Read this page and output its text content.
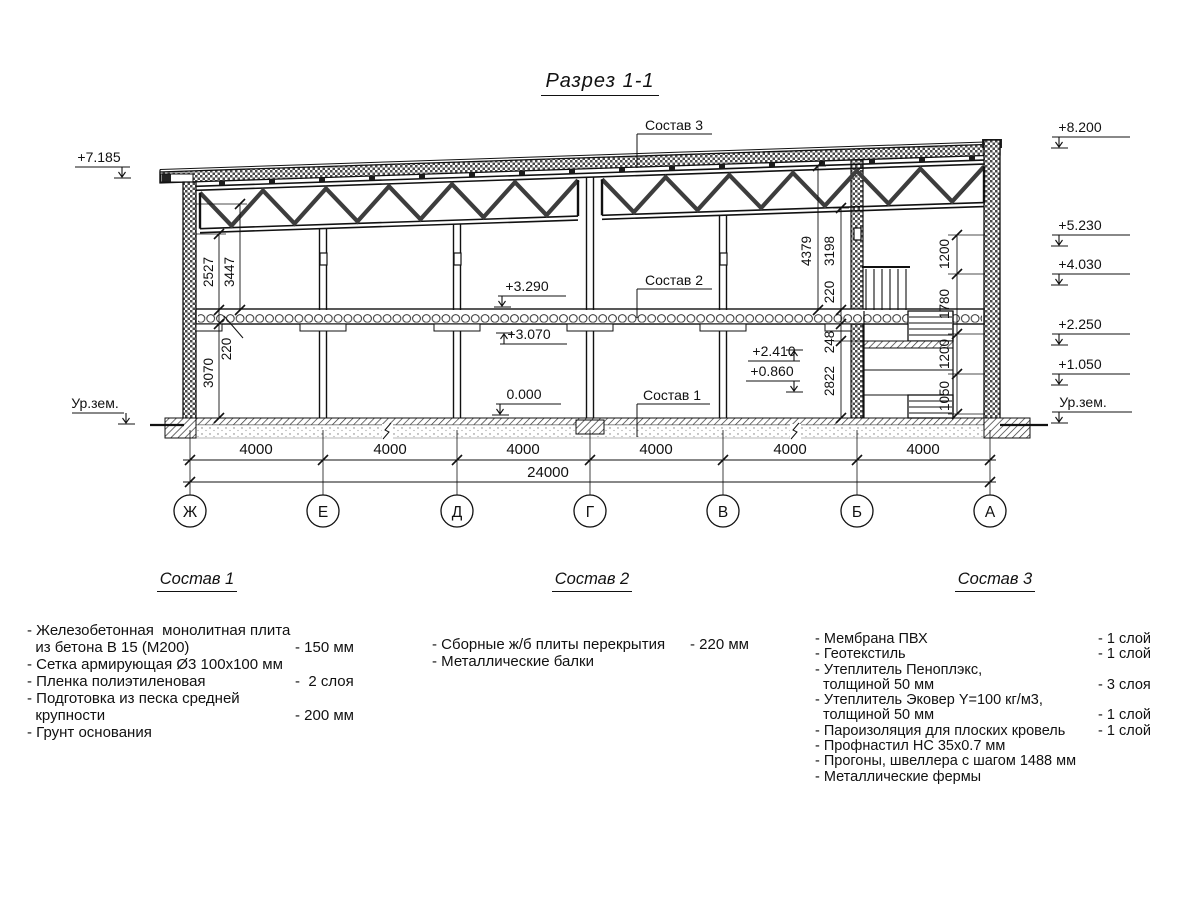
Разрез 1-1
Состав 3
Состав 2
Состав 1
+7.185
Ур.зем.
+3.290
+3.070
0.000
+2.410
+0.860
+8.200
+5.230
+4.030
+2.250
+1.050
Ур.зем.
2527 3447
220
3070
4379 3198
220
248
2822
1200
1780
1200
1050
4000	4000	4000	4000	4000	4000
24000
Ж	Е	Д	Г	В	Б	А
Состав 1
- Железобетонная  монолитная плита
из бетона В 15 (М200)	- 150 мм
- Сетка армирующая Ø3 100х100 мм
- Пленка полиэтиленовая	-  2 слоя
- Подготовка из песка средней
крупности	- 200 мм
- Грунт основания
Состав 2
- Сборные ж/б плиты перекрытия	- 220 мм
- Металлические балки
Состав 3
- Мембрана ПВХ	- 1 слой
- Геотекстиль	- 1 слой
- Утеплитель Пеноплэкс,
толщиной 50 мм	- 3 слоя
- Утеплитель Эковер Y=100 кг/м3,
толщиной 50 мм	- 1 слой
- Пароизоляция для плоских кровель	- 1 слой
- Профнастил НС 35х0.7 мм
- Прогоны, швеллера с шагом 1488 мм
- Металлические фермы
